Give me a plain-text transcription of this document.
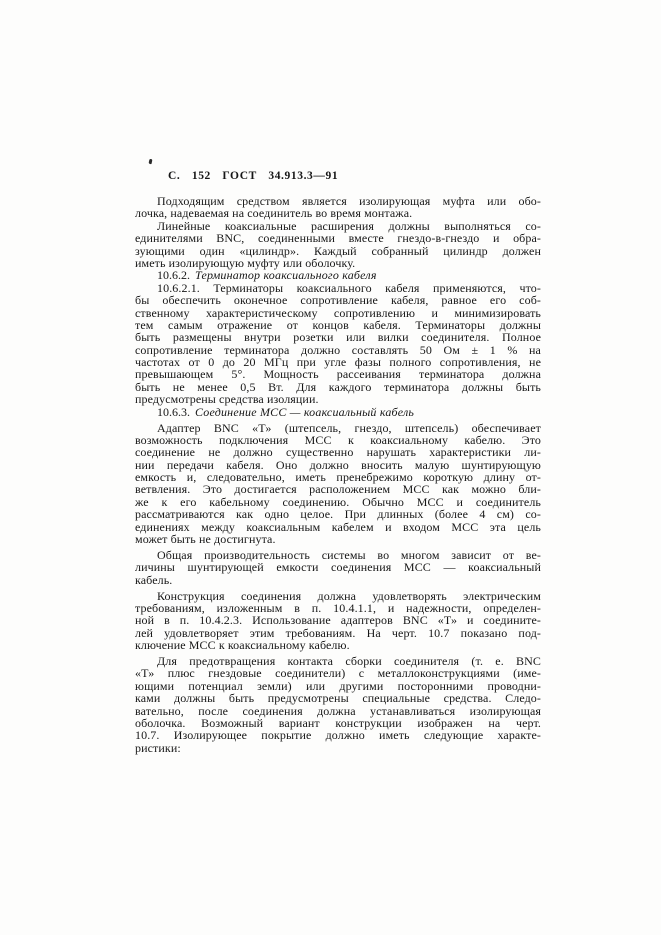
С. 152 ГОСТ 34.913.3—91
Подходящим средством является изолирующая муфта или обо-
лочка, надеваемая на соединитель во время монтажа.
Линейные коаксиальные расширения должны выполняться со-
единителями BNC, соединенными вместе гнездо-в-гнездо и обра-
зующими один «цилиндр». Каждый собранный цилиндр должен
иметь изолирующую муфту или оболочку.
10.6.2. Терминатор коаксиального кабеля
10.6.2.1. Терминаторы коаксиального кабеля применяются, что-
бы обеспечить оконечное сопротивление кабеля, равное его соб-
ственному характеристическому сопротивлению и минимизировать
тем самым отражение от концов кабеля. Терминаторы должны
быть размещены внутри розетки или вилки соединителя. Полное
сопротивление терминатора должно составлять 50 Ом ± 1 % на
частотах от 0 до 20 МГц при угле фазы полного сопротивления, не
превышающем 5°. Мощность рассеивания терминатора должна
быть не менее 0,5 Вт. Для каждого терминатора должны быть
предусмотрены средства изоляции.
10.6.3. Соединение МСС — коаксиальный кабель
Адаптер BNC «Т» (штепсель, гнездо, штепсель) обеспечивает
возможность подключения МСС к коаксиальному кабелю. Это
соединение не должно существенно нарушать характеристики ли-
нии передачи кабеля. Оно должно вносить малую шунтирующую
емкость и, следовательно, иметь пренебрежимо короткую длину от-
ветвления. Это достигается расположением МСС как можно бли-
же к его кабельному соединению. Обычно МСС и соединитель
рассматриваются как одно целое. При длинных (более 4 см) со-
единениях между коаксиальным кабелем и входом МСС эта цель
может быть не достигнута.
Общая производительность системы во многом зависит от ве-
личины шунтирующей емкости соединения МСС — коаксиальный
кабель.
Конструкция соединения должна удовлетворять электрическим
требованиям, изложенным в п. 10.4.1.1, и надежности, определен-
ной в п. 10.4.2.3. Использование адаптеров BNC «Т» и соедините-
лей удовлетворяет этим требованиям. На черт. 10.7 показано под-
ключение МСС к коаксиальному кабелю.
Для предотвращения контакта сборки соединителя (т. е. BNC
«Т» плюс гнездовые соединители) с металлоконструкциями (име-
ющими потенциал земли) или другими посторонними проводни-
ками должны быть предусмотрены специальные средства. Следо-
вательно, после соединения должна устанавливаться изолирующая
оболочка. Возможный вариант конструкции изображен на черт.
10.7. Изолирующее покрытие должно иметь следующие характе-
ристики:
